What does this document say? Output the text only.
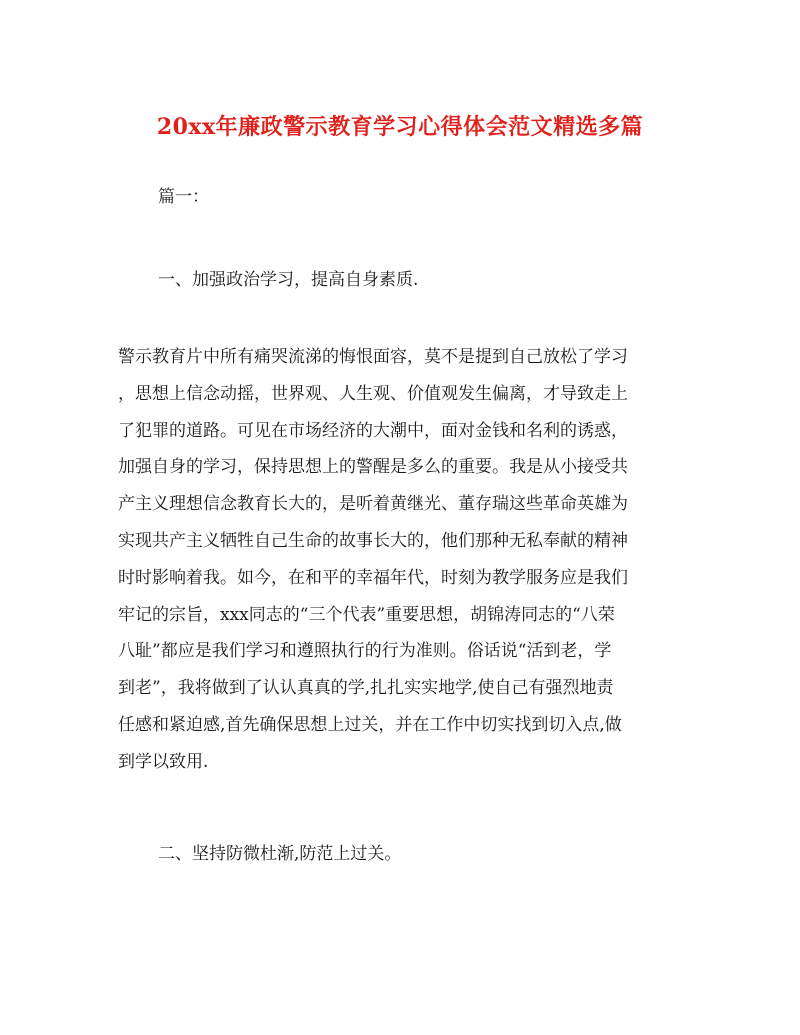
20xx年廉政警示教育学习心得体会范文精选多篇
篇一：
一、加强政治学习，提高自身素质.
警示教育片中所有痛哭流涕的悔恨面容，莫不是提到自己放松了学习
，思想上信念动摇，世界观、人生观、价值观发生偏离，才导致走上
了犯罪的道路。可见在市场经济的大潮中，面对金钱和名利的诱惑，
加强自身的学习，保持思想上的警醒是多么的重要。我是从小接受共
产主义理想信念教育长大的，是听着黄继光、董存瑞这些革命英雄为
实现共产主义牺牲自己生命的故事长大的，他们那种无私奉献的精神
时时影响着我。如今，在和平的幸福年代，时刻为教学服务应是我们
牢记的宗旨，xxx同志的“三个代表”重要思想，胡锦涛同志的“八荣
八耻”都应是我们学习和遵照执行的行为准则。俗话说“活到老，学
到老”，我将做到了认认真真的学,扎扎实实地学,使自己有强烈地责
任感和紧迫感,首先确保思想上过关，并在工作中切实找到切入点,做
到学以致用.
二、坚持防微杜渐,防范上过关。
